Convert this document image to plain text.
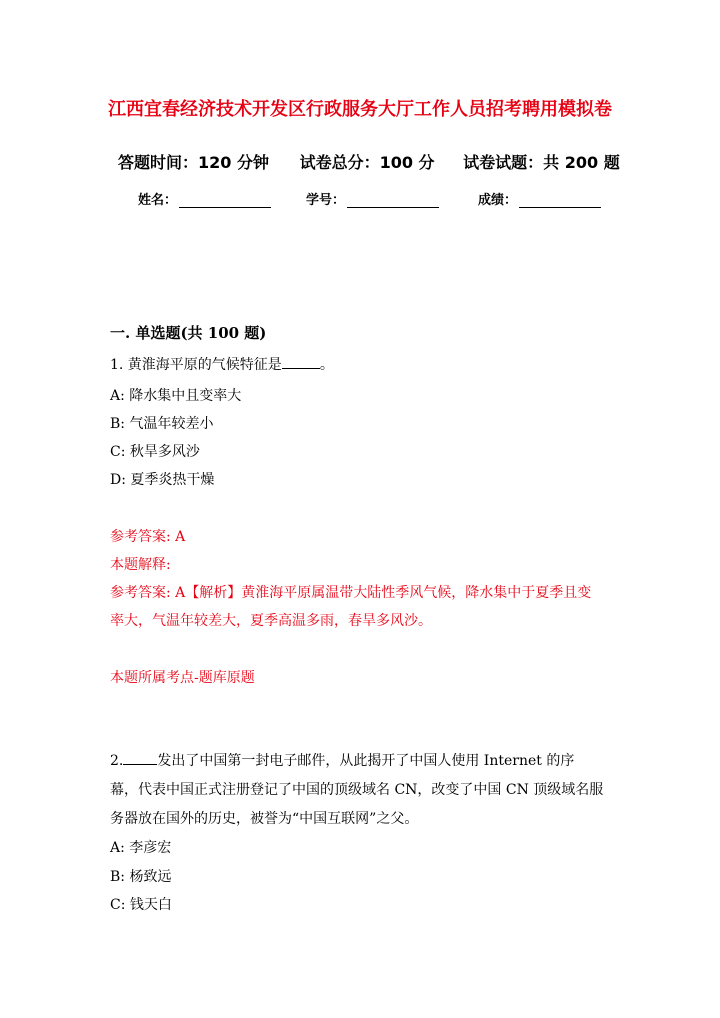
江西宜春经济技术开发区行政服务大厅工作人员招考聘用模拟卷
答题时间：120 分钟 试卷总分：100 分 试卷试题：共 200 题
姓名：	学号：	成绩：
一. 单选题(共 100 题)
1. 黄淮海平原的气候特征是	。
A: 降水集中且变率大
B: 气温年较差小
C: 秋旱多风沙
D: 夏季炎热干燥
参考答案: A
本题解释:
参考答案: A【解析】黄淮海平原属温带大陆性季风气候，降水集中于夏季且变
率大，气温年较差大，夏季高温多雨，春旱多风沙。
本题所属考点-题库原题
2. 发出了中国第一封电子邮件，从此揭开了中国人使用 Internet 的序
幕，代表中国正式注册登记了中国的顶级域名 CN，改变了中国 CN 顶级域名服
务器放在国外的历史，被誉为“中国互联网”之父。
A: 李彦宏
B: 杨致远
C: 钱天白
